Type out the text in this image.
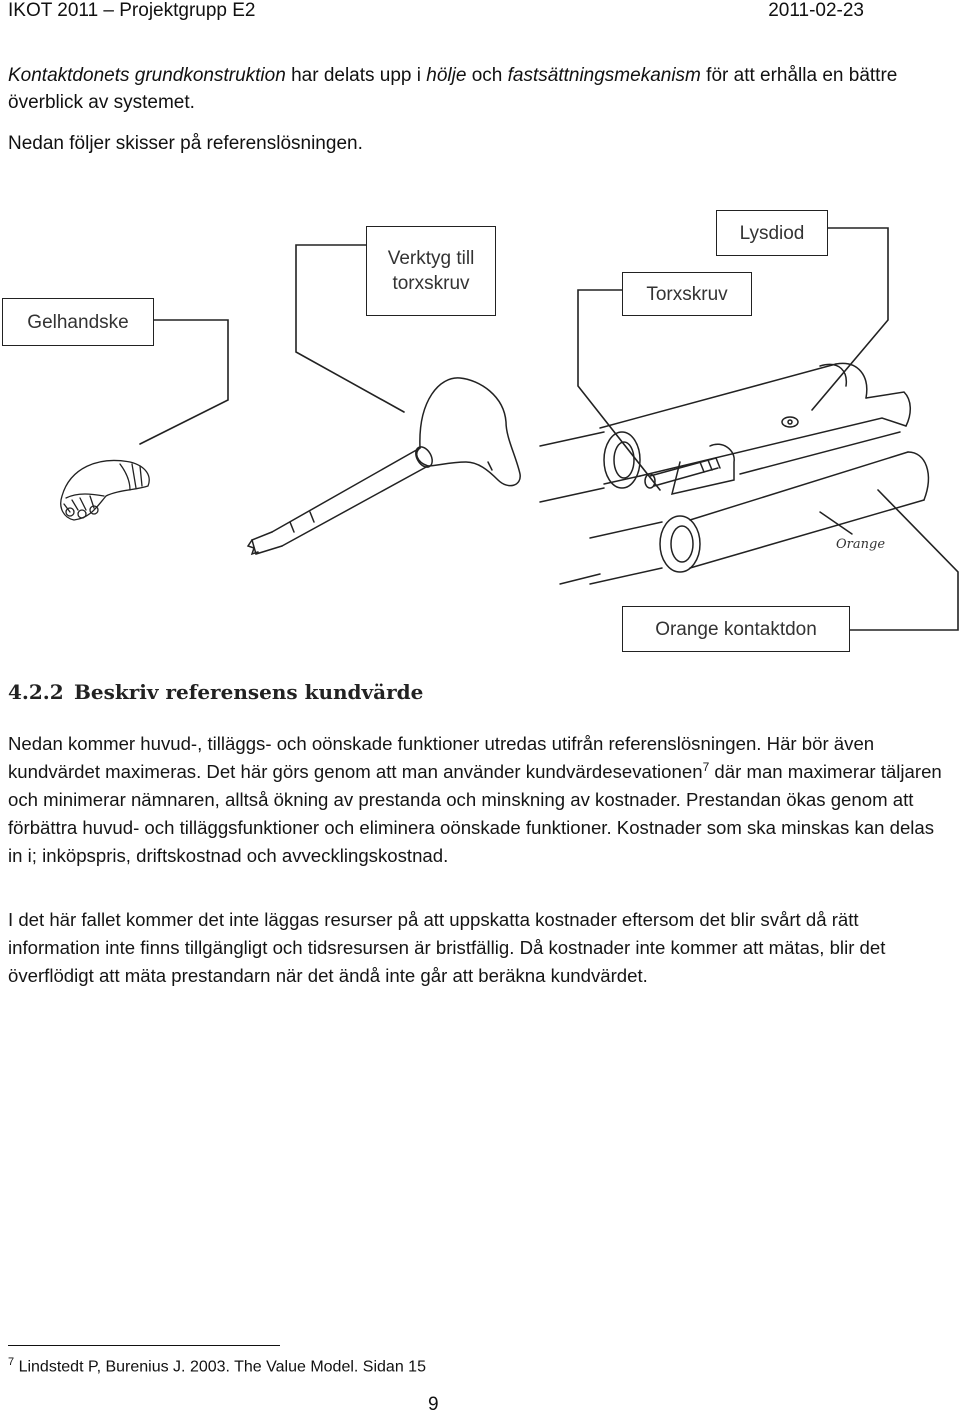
IKOT 2011 – Projektgrupp E2	2011-02-23
Kontaktdonets grundkonstruktion har delats upp i hölje och fastsättningsmekanism för att erhålla en bättre överblick av systemet.
Nedan följer skisser på referenslösningen.
Gelhandske
Verktyg till
torxskruv	Torxskruv
Lysdiod
Orange kontaktdon
Orange
4.2.2 Beskriv referensens kundvärde
Nedan kommer huvud-, tilläggs- och oönskade funktioner utredas utifrån referenslösningen. Här bör även kundvärdet maximeras. Det här görs genom att man använder kundvärdesevationen$^7$ där man maximerar täljaren och minimerar nämnaren, alltså ökning av prestanda och minskning av kostnader. Prestandan ökas genom att förbättra huvud- och tilläggsfunktioner och eliminera oönskade funktioner. Kostnader som ska minskas kan delas in i; inköpspris, driftskostnad och avvecklingskostnad.
I det här fallet kommer det inte läggas resurser på att uppskatta kostnader eftersom det blir svårt då rätt information inte finns tillgängligt och tidsresursen är bristfällig. Då kostnader inte kommer att mätas, blir det överflödigt att mäta prestandarn när det ändå inte går att beräkna kundvärdet.
$^7$ Lindstedt P, Burenius J. 2003. The Value Model. Sidan 15
9
